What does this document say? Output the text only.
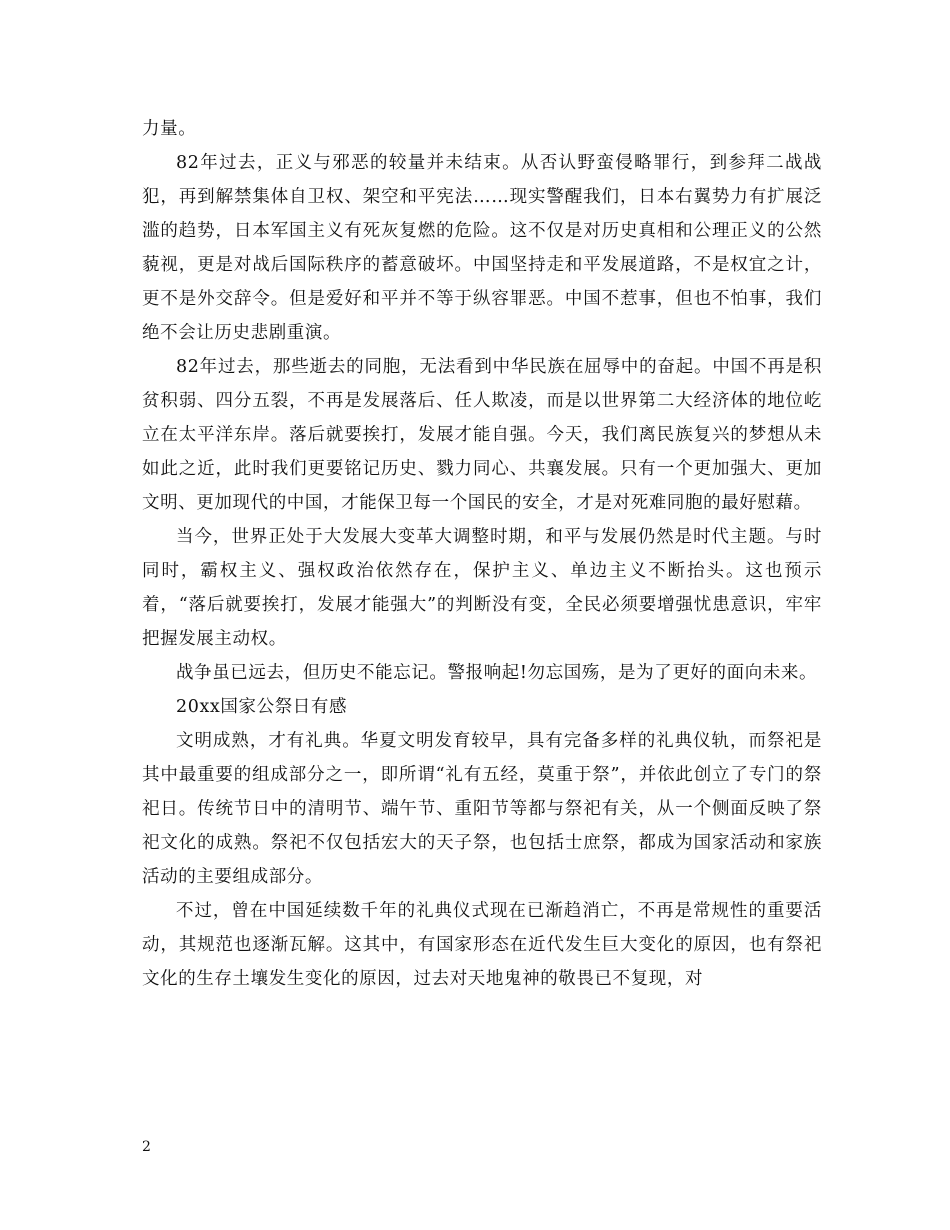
力量。

82年过去，正义与邪恶的较量并未结束。从否认野蛮侵略罪行，到参拜二战战犯，再到解禁集体自卫权、架空和平宪法……现实警醒我们，日本右翼势力有扩展泛滥的趋势，日本军国主义有死灰复燃的危险。这不仅是对历史真相和公理正义的公然藐视，更是对战后国际秩序的蓄意破坏。中国坚持走和平发展道路，不是权宜之计，更不是外交辞令。但是爱好和平并不等于纵容罪恶。中国不惹事，但也不怕事，我们绝不会让历史悲剧重演。

82年过去，那些逝去的同胞，无法看到中华民族在屈辱中的奋起。中国不再是积贫积弱、四分五裂，不再是发展落后、任人欺凌，而是以世界第二大经济体的地位屹立在太平洋东岸。落后就要挨打，发展才能自强。今天，我们离民族复兴的梦想从未如此之近，此时我们更要铭记历史、戮力同心、共襄发展。只有一个更加强大、更加文明、更加现代的中国，才能保卫每一个国民的安全，才是对死难同胞的最好慰藉。

当今，世界正处于大发展大变革大调整时期，和平与发展仍然是时代主题。与时同时，霸权主义、强权政治依然存在，保护主义、单边主义不断抬头。这也预示着，“落后就要挨打，发展才能强大”的判断没有变，全民必须要增强忧患意识，牢牢把握发展主动权。

战争虽已远去，但历史不能忘记。警报响起!勿忘国殇，是为了更好的面向未来。

20xx国家公祭日有感

文明成熟，才有礼典。华夏文明发育较早，具有完备多样的礼典仪轨，而祭祀是其中最重要的组成部分之一，即所谓“礼有五经，莫重于祭”，并依此创立了专门的祭祀日。传统节日中的清明节、端午节、重阳节等都与祭祀有关，从一个侧面反映了祭祀文化的成熟。祭祀不仅包括宏大的天子祭，也包括士庶祭，都成为国家活动和家族活动的主要组成部分。

不过，曾在中国延续数千年的礼典仪式现在已渐趋消亡，不再是常规性的重要活动，其规范也逐渐瓦解。这其中，有国家形态在近代发生巨大变化的原因，也有祭祀文化的生存土壤发生变化的原因，过去对天地鬼神的敬畏已不复现，对

2
